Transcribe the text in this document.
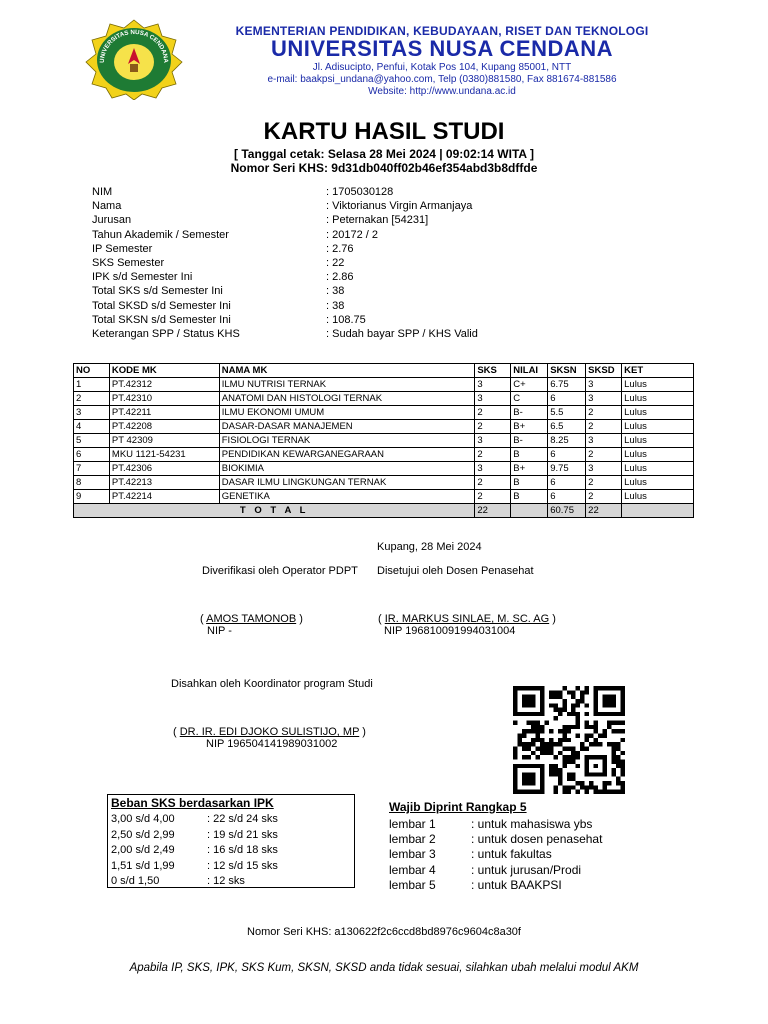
UNIVERSITAS NUSA CENDANA
KEMENTERIAN PENDIDIKAN, KEBUDAYAAN, RISET DAN TEKNOLOGI
UNIVERSITAS NUSA CENDANA
Jl. Adisucipto, Penfui, Kotak Pos 104, Kupang 85001, NTT
e-mail: baakpsi_undana@yahoo.com, Telp (0380)881580, Fax 881674-881586
Website: http://www.undana.ac.id
KARTU HASIL STUDI
[ Tanggal cetak: Selasa 28 Mei 2024 | 09:02:14 WITA ]
Nomor Seri KHS: 9d31db040ff02b46ef354abd3b8dffde
NIM	: 1705030128
Nama	: Viktorianus Virgin Armanjaya
Jurusan	: Peternakan [54231]
Tahun Akademik / Semester	: 20172 / 2
IP Semester	: 2.76
SKS Semester	: 22
IPK s/d Semester Ini	: 2.86
Total SKS s/d Semester Ini	: 38
Total SKSD s/d Semester Ini	: 38
Total SKSN s/d Semester Ini	: 108.75
Keterangan SPP / Status KHS	: Sudah bayar SPP / KHS Valid
NO	KODE MK	NAMA MK	SKS	NILAI	SKSN	SKSD	KET
1	PT.42312	ILMU NUTRISI TERNAK	3	C+	6.75	3	Lulus
2	PT.42310	ANATOMI DAN HISTOLOGI TERNAK	3	C	6	3	Lulus
3	PT.42211	ILMU EKONOMI UMUM	2	B-	5.5	2	Lulus
4	PT.42208	DASAR-DASAR MANAJEMEN	2	B+	6.5	2	Lulus
5	PT 42309	FISIOLOGI TERNAK	3	B-	8.25	3	Lulus
6	MKU 1121-54231	PENDIDIKAN KEWARGANEGARAAN	2	B	6	2	Lulus
7	PT.42306	BIOKIMIA	3	B+	9.75	3	Lulus
8	PT.42213	DASAR ILMU LINGKUNGAN TERNAK	2	B	6	2	Lulus
9	PT.42214	GENETIKA	2	B	6	2	Lulus
T O T A L			22		60.75	22	
Kupang, 28 Mei 2024
Diverifikasi oleh Operator PDPT Disetujui oleh Dosen Penasehat
( AMOS TAMONOB )
NIP -
( IR. MARKUS SINLAE, M. SC. AG )
NIP 196810091994031004
Disahkan oleh Koordinator program Studi
( DR. IR. EDI DJOKO SULISTIJO, MP )
NIP 196504141989031002
Beban SKS berdasarkan IPK
3,00 s/d 4,00	: 22 s/d 24 sks
2,50 s/d 2,99	: 19 s/d 21 sks
2,00 s/d 2,49	: 16 s/d 18 sks
1,51 s/d 1,99	: 12 s/d 15 sks
0 s/d 1,50	: 12 sks
Wajib Diprint Rangkap 5
lembar 1	: untuk mahasiswa ybs
lembar 2	: untuk dosen penasehat
lembar 3	: untuk fakultas
lembar 4	: untuk jurusan/Prodi
lembar 5	: untuk BAAKPSI
Nomor Seri KHS: a130622f2c6ccd8bd8976c9604c8a30f
Apabila IP, SKS, IPK, SKS Kum, SKSN, SKSD anda tidak sesuai, silahkan ubah melalui modul AKM
